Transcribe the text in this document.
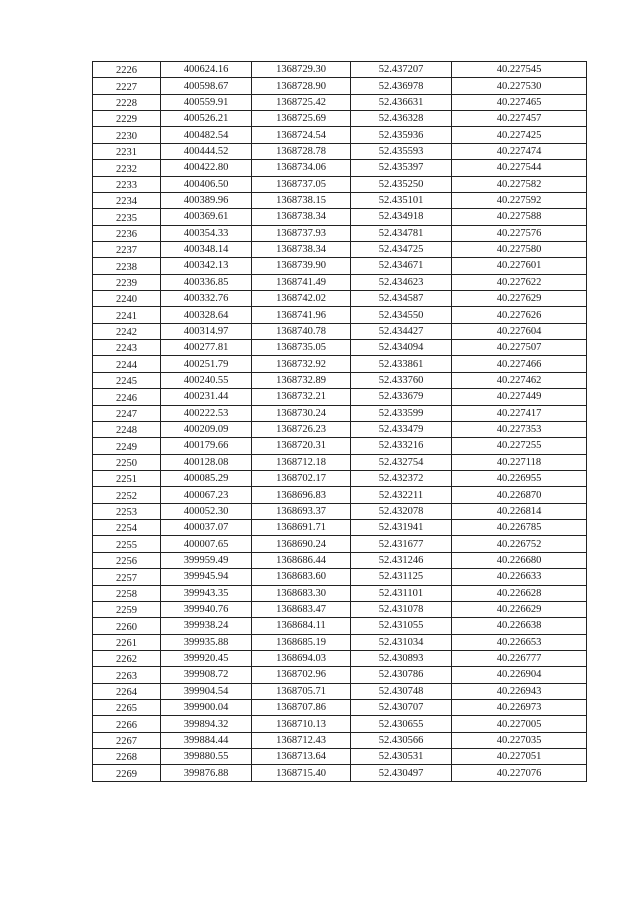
2226	400624.16	1368729.30	52.437207	40.227545
2227	400598.67	1368728.90	52.436978	40.227530
2228	400559.91	1368725.42	52.436631	40.227465
2229	400526.21	1368725.69	52.436328	40.227457
2230	400482.54	1368724.54	52.435936	40.227425
2231	400444.52	1368728.78	52.435593	40.227474
2232	400422.80	1368734.06	52.435397	40.227544
2233	400406.50	1368737.05	52.435250	40.227582
2234	400389.96	1368738.15	52.435101	40.227592
2235	400369.61	1368738.34	52.434918	40.227588
2236	400354.33	1368737.93	52.434781	40.227576
2237	400348.14	1368738.34	52.434725	40.227580
2238	400342.13	1368739.90	52.434671	40.227601
2239	400336.85	1368741.49	52.434623	40.227622
2240	400332.76	1368742.02	52.434587	40.227629
2241	400328.64	1368741.96	52.434550	40.227626
2242	400314.97	1368740.78	52.434427	40.227604
2243	400277.81	1368735.05	52.434094	40.227507
2244	400251.79	1368732.92	52.433861	40.227466
2245	400240.55	1368732.89	52.433760	40.227462
2246	400231.44	1368732.21	52.433679	40.227449
2247	400222.53	1368730.24	52.433599	40.227417
2248	400209.09	1368726.23	52.433479	40.227353
2249	400179.66	1368720.31	52.433216	40.227255
2250	400128.08	1368712.18	52.432754	40.227118
2251	400085.29	1368702.17	52.432372	40.226955
2252	400067.23	1368696.83	52.432211	40.226870
2253	400052.30	1368693.37	52.432078	40.226814
2254	400037.07	1368691.71	52.431941	40.226785
2255	400007.65	1368690.24	52.431677	40.226752
2256	399959.49	1368686.44	52.431246	40.226680
2257	399945.94	1368683.60	52.431125	40.226633
2258	399943.35	1368683.30	52.431101	40.226628
2259	399940.76	1368683.47	52.431078	40.226629
2260	399938.24	1368684.11	52.431055	40.226638
2261	399935.88	1368685.19	52.431034	40.226653
2262	399920.45	1368694.03	52.430893	40.226777
2263	399908.72	1368702.96	52.430786	40.226904
2264	399904.54	1368705.71	52.430748	40.226943
2265	399900.04	1368707.86	52.430707	40.226973
2266	399894.32	1368710.13	52.430655	40.227005
2267	399884.44	1368712.43	52.430566	40.227035
2268	399880.55	1368713.64	52.430531	40.227051
2269	399876.88	1368715.40	52.430497	40.227076
